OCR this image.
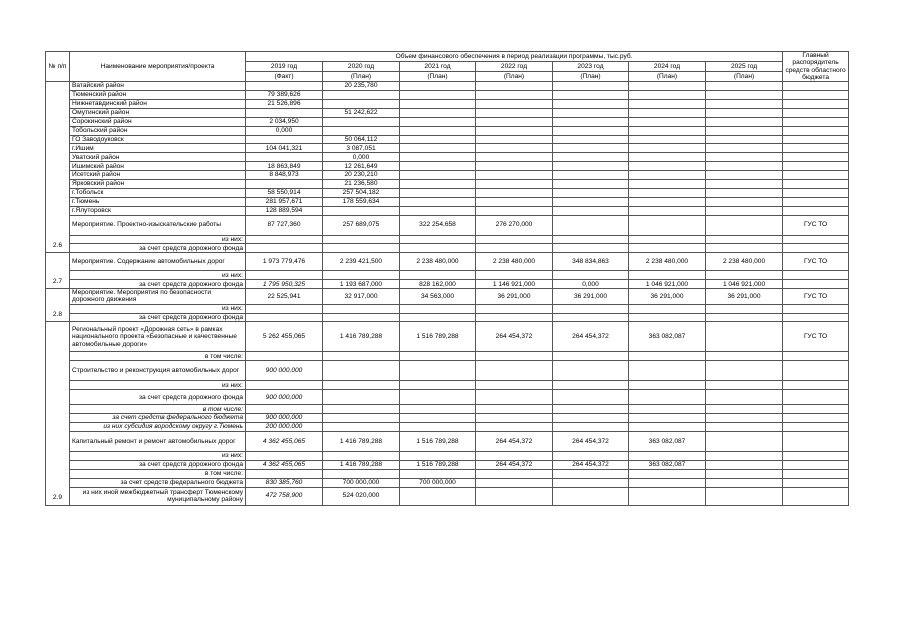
№ п/п	Наименование мероприятия/проекта	Объем финансового обеспечения в период реализации программы, тыс.руб.							Главный распорядитель средств областного бюджета
		2019 год	2020 год	2021 год	2022 год	2023 год	2024 год	2025 год	
		(Факт)	(План)	(План)	(План)	(План)	(План)	(План)	
2.6	Ватайский район		20 235,780						
	Тюменский район	79 389,626							
	Нижнетавдинский район	21 526,896							
	Омутинский район		51 242,622						
	Сорокинский район	2 034,950							
	Тобольский район	0,000							
	ГО Заводоуковск		50 064,112						
	г.Ишим	104 041,321	3 087,051						
	Уватский район		0,000						
	Ишимский район	18 863,849	12 261,649						
	Исетский район	8 848,973	20 230,210						
	Ярковский район		21 236,580						
	г.Тобольск	58 550,914	257 504,182						
	г.Тюмень	281 957,671	178 559,634						
	г.Ялуторовск	128 889,594							
	Мероприятие. Проектно-изыскательские работы	87 727,360	257 689,075	322 254,658	276 270,000				ГУС ТО
	из них:								
	за счет средств дорожного фонда								
2.7	Мероприятие. Содержание автомобильных дорог	1 973 779,476	2 239 421,500	2 238 480,000	2 238 480,000	348 834,863	2 238 480,000	2 238 480,000	ГУС ТО
	из них:								
	за счет средств дорожного фонда	1 795 950,325	1 193 687,000	828 162,000	1 146 921,000	0,000	1 046 921,000	1 046 921,000	
2.8	Мероприятие. Мероприятия по безопасности дорожного движения	22 525,941	32 917,000	34 563,000	36 291,000	36 291,000	36 291,000	36 291,000	ГУС ТО
	из них:								
	за счет средств дорожного фонда								
2.9	Региональный проект «Дорожная сеть» в рамках национального проекта «Безопасные и качественные автомобильные дороги»	5 262 455,065	1 416 789,288	1 516 789,288	264 454,372	264 454,372	363 082,087		ГУС ТО
	в том числе:								
	Строительство и реконструкция автомобильных дорог	900 000,000							
	из них:								
	за счет средств дорожного фонда	900 000,000							
	в том числе:								
	за счет средств федерального бюджета	900 000,000							
	из них субсидия вородскому округу г.Тюмень	200 000,000							
	Капитальный ремонт и ремонт автомобильных дорог	4 362 455,065	1 416 789,288	1 516 789,288	264 454,372	264 454,372	363 082,087		
	из них:								
	за счет средств дорожного фонда	4 362 455,065	1 416 789,288	1 516 789,288	264 454,372	264 454,372	363 082,087		
	в том числе:								
	за счет средств федерального бюджета	830 385,760	700 000,000	700 000,000					
	из них иной межбюджетный трансферт Тюменскому муниципальному району	472 758,900	524 020,000						
